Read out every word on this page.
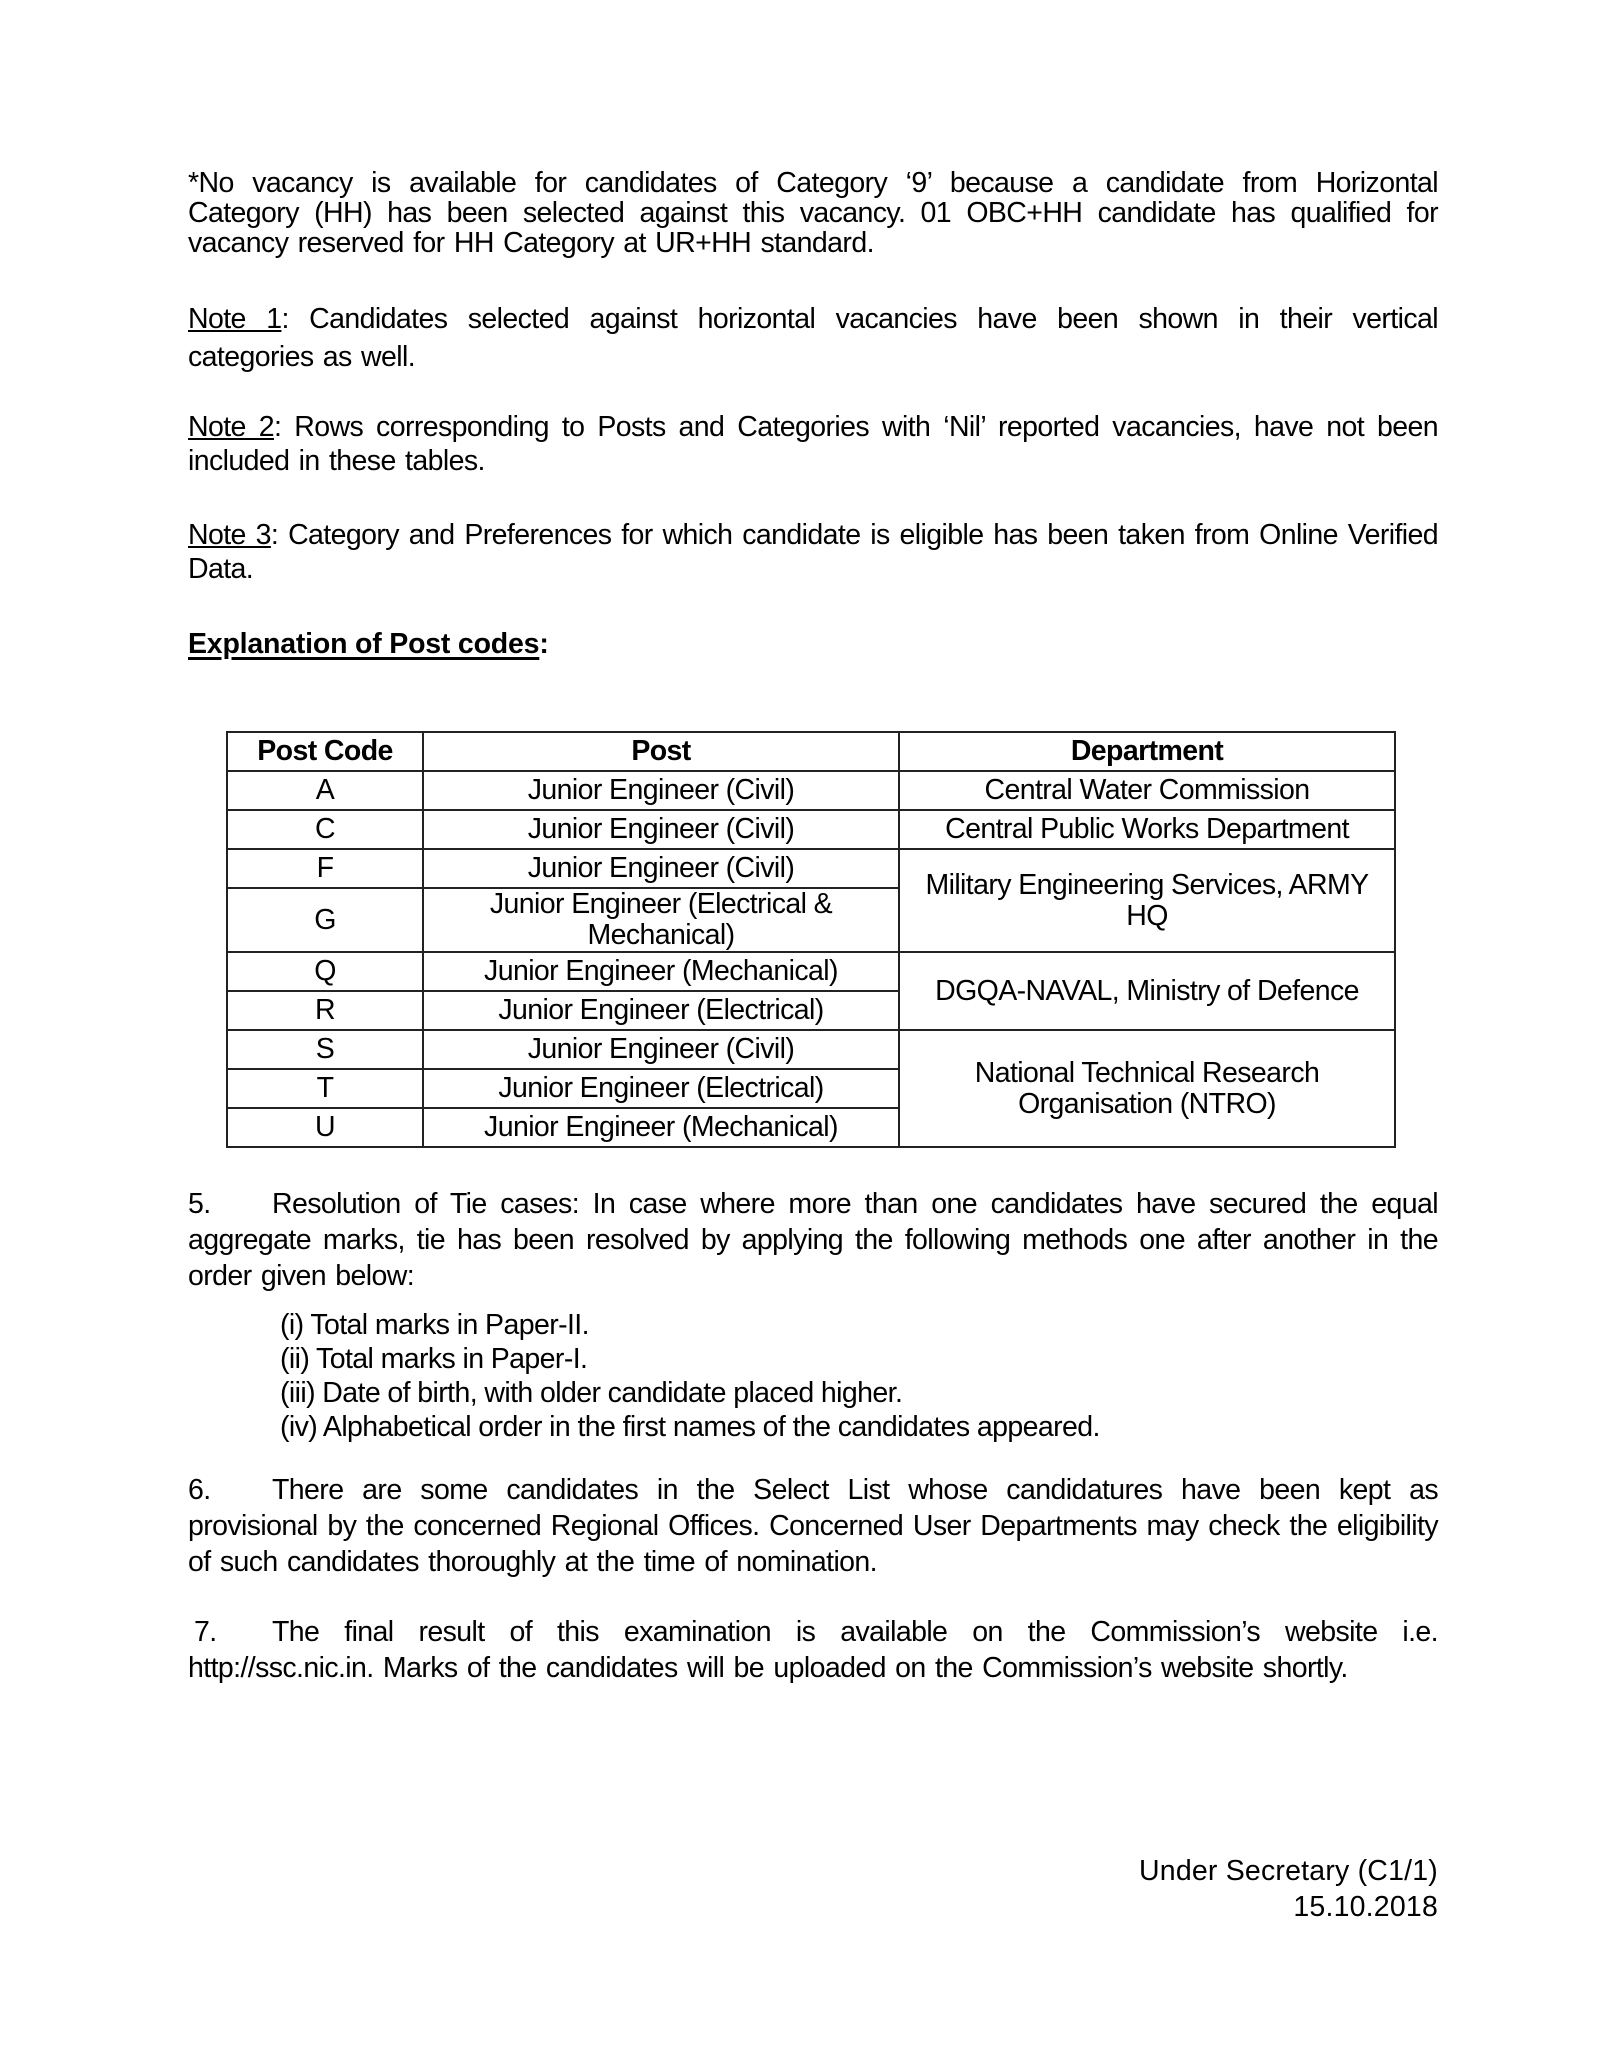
*No vacancy is available for candidates of Category ‘9’ because a candidate from Horizontal Category (HH) has been selected against this vacancy. 01 OBC+HH candidate has qualified for vacancy reserved for HH Category at UR+HH standard.

Note 1: Candidates selected against horizontal vacancies have been shown in their vertical categories as well.

Note 2: Rows corresponding to Posts and Categories with ‘Nil’ reported vacancies, have not been included in these tables.

Note 3: Category and Preferences for which candidate is eligible has been taken from Online Verified Data.

Explanation of Post codes:

Post Code	Post	Department
A	Junior Engineer (Civil)	Central Water Commission
C	Junior Engineer (Civil)	Central Public Works Department
F	Junior Engineer (Civil)	Military Engineering Services, ARMY HQ
G	Junior Engineer (Electrical & Mechanical)	
Q	Junior Engineer (Mechanical)	DGQA-NAVAL, Ministry of Defence
R	Junior Engineer (Electrical)	
S	Junior Engineer (Civil)	National Technical Research Organisation (NTRO)
T	Junior Engineer (Electrical)	
U	Junior Engineer (Mechanical)	

5. Resolution of Tie cases: In case where more than one candidates have secured the equal aggregate marks, tie has been resolved by applying the following methods one after another in the order given below:

(i) Total marks in Paper-II.
(ii) Total marks in Paper-I.
(iii) Date of birth, with older candidate placed higher.
(iv) Alphabetical order in the first names of the candidates appeared.

6. There are some candidates in the Select List whose candidatures have been kept as provisional by the concerned Regional Offices. Concerned User Departments may check the eligibility of such candidates thoroughly at the time of nomination.

7. The final result of this examination is available on the Commission’s website i.e. http://ssc.nic.in. Marks of the candidates will be uploaded on the Commission’s website shortly.

Under Secretary (C1/1)
15.10.2018
